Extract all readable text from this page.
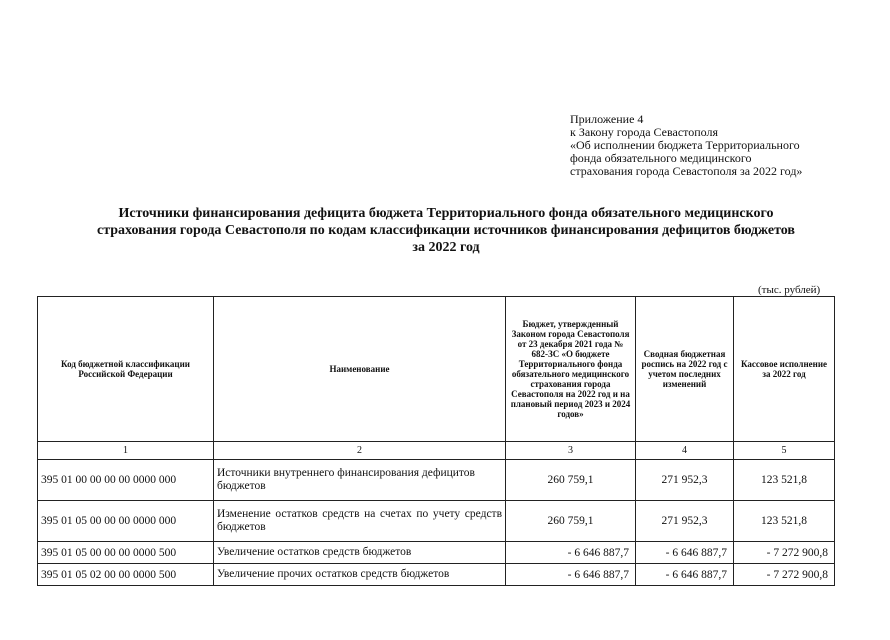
Приложение 4
к Закону города Севастополя
«Об исполнении бюджета Территориального
фонда обязательного медицинского
страхования города Севастополя за 2022 год»
Источники финансирования дефицита бюджета Территориального фонда обязательного медицинского
страхования города Севастополя по кодам классификации источников финансирования дефицитов бюджетов
за 2022 год
(тыс. рублей)
Код бюджетной классификации Российской Федерации	Наименование	Бюджет, утвержденный Законом города Севастополя от 23 декабря 2021 года № 682-ЗС «О бюджете Территориального фонда обязательного медицинского страхования города Севастополя на 2022 год и на плановый период 2023 и 2024 годов»	Сводная бюджетная роспись на 2022 год с учетом последних изменений	Кассовое исполнение за 2022 год

1	2	3	4	5
395 01 00 00 00 00 0000 000	Источники внутреннего финансирования дефицитов бюджетов	260 759,1	271 952,3	123 521,8
395 01 05 00 00 00 0000 000	Изменение остатков средств на счетах по учету средств бюджетов	260 759,1	271 952,3	123 521,8
395 01 05 00 00 00 0000 500	Увеличение остатков средств бюджетов	- 6 646 887,7	- 6 646 887,7	- 7 272 900,8
395 01 05 02 00 00 0000 500	Увеличение прочих остатков средств бюджетов	- 6 646 887,7	- 6 646 887,7	- 7 272 900,8
